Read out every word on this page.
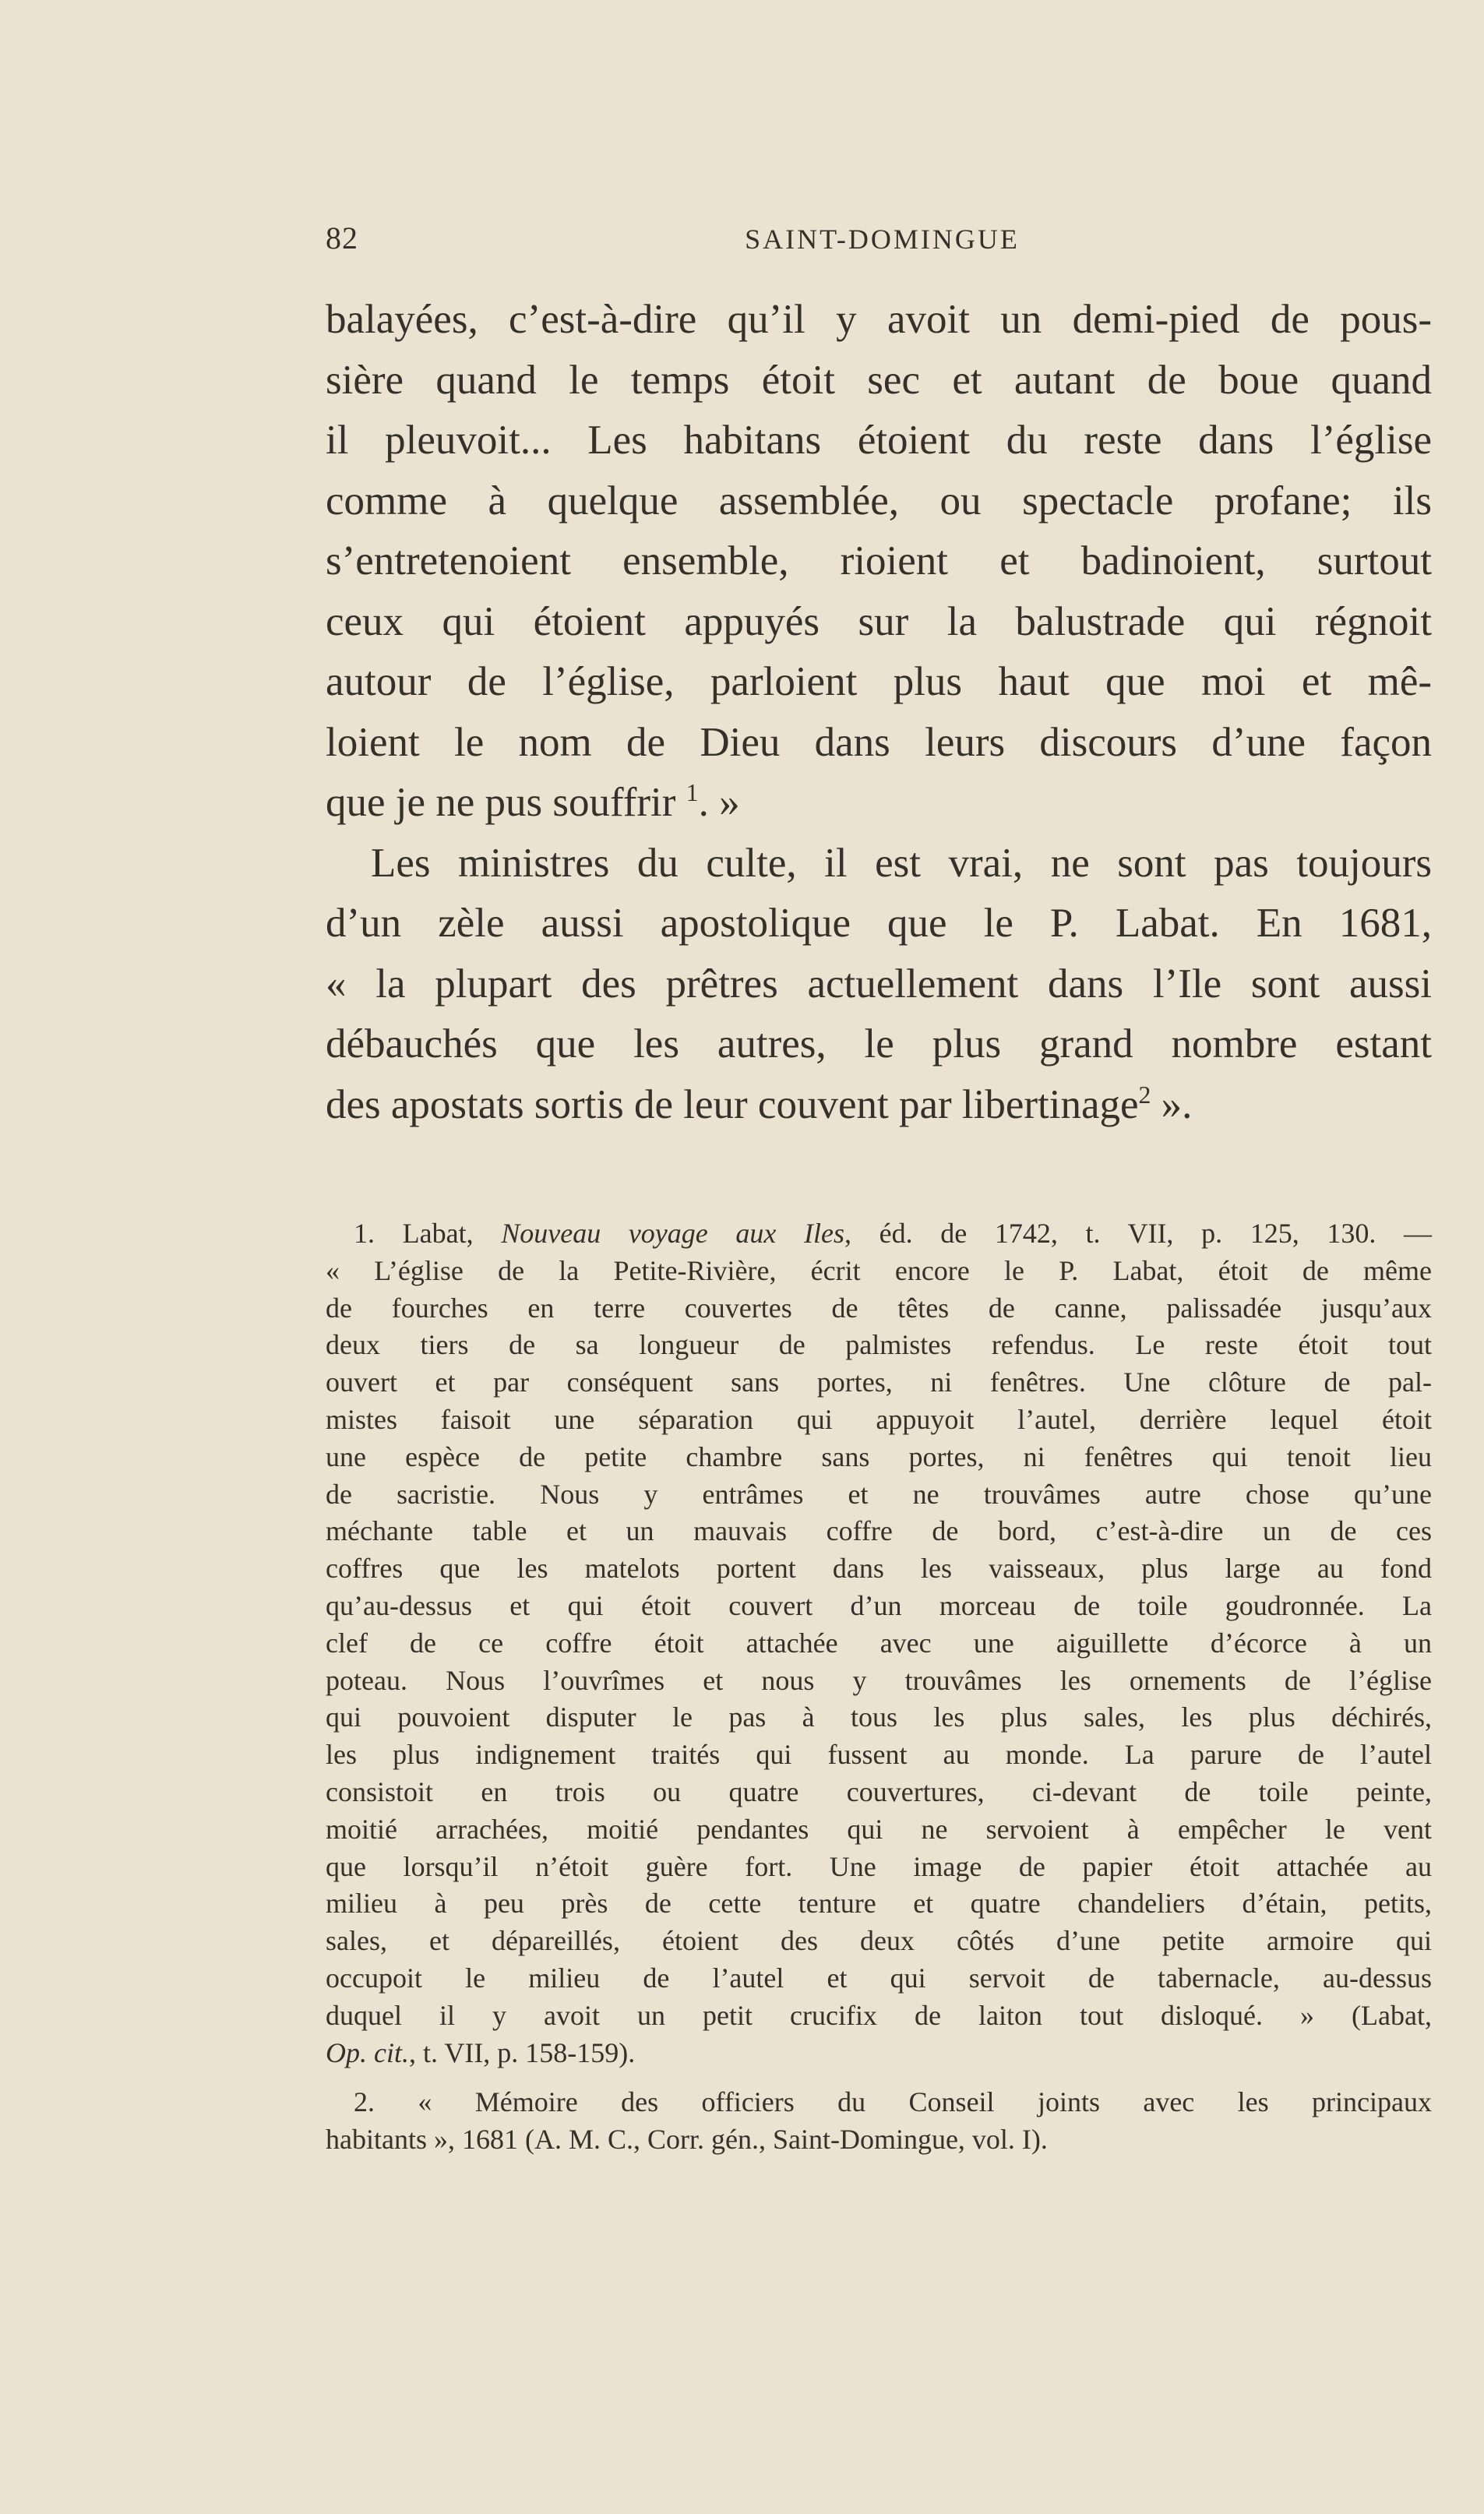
82	SAINT-DOMINGUE
balayées, c’est-à-dire qu’il y avoit un demi-pied de pous-
sière quand le temps étoit sec et autant de boue quand
il pleuvoit... Les habitans étoient du reste dans l’église
comme à quelque assemblée, ou spectacle profane; ils
s’entretenoient ensemble, rioient et badinoient, surtout
ceux qui étoient appuyés sur la balustrade qui régnoit
autour de l’église, parloient plus haut que moi et mê-
loient le nom de Dieu dans leurs discours d’une façon
que je ne pus souffrir $^1$. »
Les ministres du culte, il est vrai, ne sont pas toujours
d’un zèle aussi apostolique que le P. Labat. En 1681,
« la plupart des prêtres actuellement dans l’Ile sont aussi
débauchés que les autres, le plus grand nombre estant
des apostats sortis de leur couvent par libertinage$^2$ ».
1. Labat, Nouveau voyage aux Iles, éd. de 1742, t. VII, p. 125, 130. —
« L’église de la Petite-Rivière, écrit encore le P. Labat, étoit de même
de fourches en terre couvertes de têtes de canne, palissadée jusqu’aux
deux tiers de sa longueur de palmistes refendus. Le reste étoit tout
ouvert et par conséquent sans portes, ni fenêtres. Une clôture de pal-
mistes faisoit une séparation qui appuyoit l’autel, derrière lequel étoit
une espèce de petite chambre sans portes, ni fenêtres qui tenoit lieu
de sacristie. Nous y entrâmes et ne trouvâmes autre chose qu’une
méchante table et un mauvais coffre de bord, c’est-à-dire un de ces
coffres que les matelots portent dans les vaisseaux, plus large au fond
qu’au-dessus et qui étoit couvert d’un morceau de toile goudronnée. La
clef de ce coffre étoit attachée avec une aiguillette d’écorce à un
poteau. Nous l’ouvrîmes et nous y trouvâmes les ornements de l’église
qui pouvoient disputer le pas à tous les plus sales, les plus déchirés,
les plus indignement traités qui fussent au monde. La parure de l’autel
consistoit en trois ou quatre couvertures, ci-devant de toile peinte,
moitié arrachées, moitié pendantes qui ne servoient à empêcher le vent
que lorsqu’il n’étoit guère fort. Une image de papier étoit attachée au
milieu à peu près de cette tenture et quatre chandeliers d’étain, petits,
sales, et dépareillés, étoient des deux côtés d’une petite armoire qui
occupoit le milieu de l’autel et qui servoit de tabernacle, au-dessus
duquel il y avoit un petit crucifix de laiton tout disloqué. » (Labat,
Op. cit., t. VII, p. 158-159).
2. « Mémoire des officiers du Conseil joints avec les principaux
habitants », 1681 (A. M. C., Corr. gén., Saint-Domingue, vol. I).
